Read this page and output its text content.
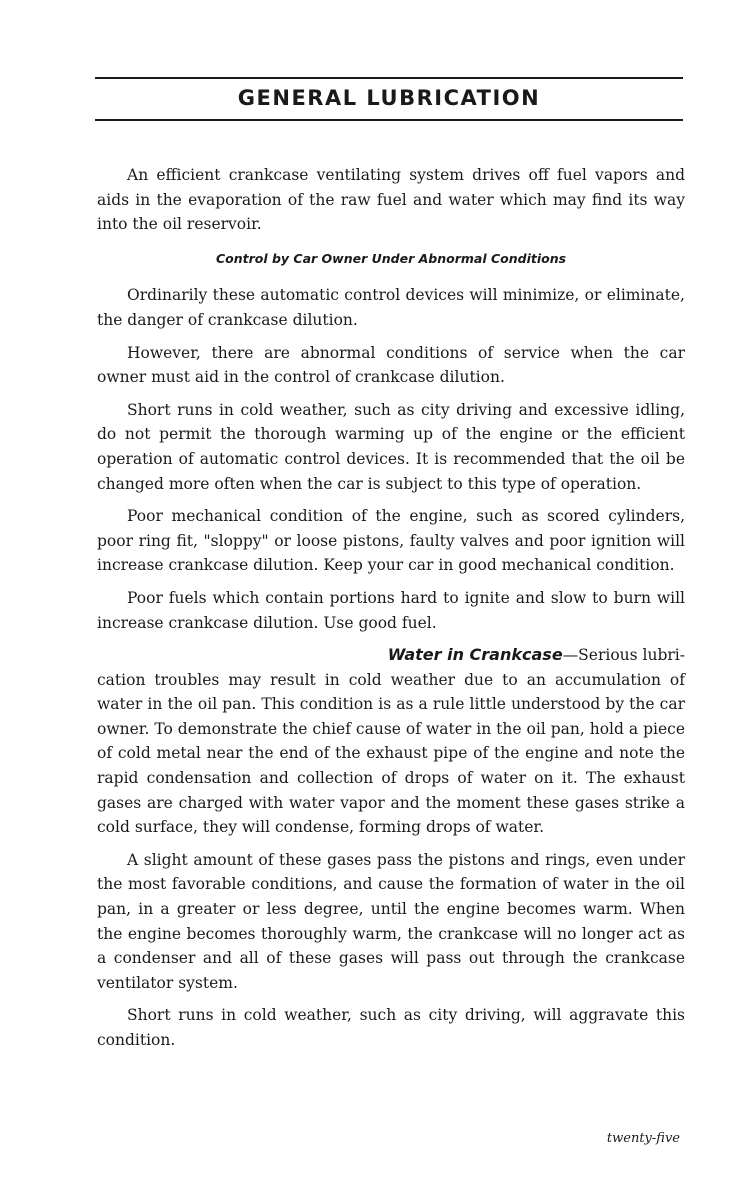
GENERAL LUBRICATION

An efficient crankcase ventilating system drives off fuel vapors and aids in the evaporation of the raw fuel and water which may find its way into the oil reservoir.

Control by Car Owner Under Abnormal Conditions

Ordinarily these automatic control devices will minimize, or eliminate, the danger of crankcase dilution.

However, there are abnormal conditions of service when the car owner must aid in the control of crankcase dilution.

Short runs in cold weather, such as city driving and excessive idling, do not permit the thorough warming up of the engine or the efficient operation of automatic control devices. It is recommended that the oil be changed more often when the car is subject to this type of operation.

Poor mechanical condition of the engine, such as scored cylinders, poor ring fit, "sloppy" or loose pistons, faulty valves and poor ignition will increase crankcase dilution. Keep your car in good mechanical condition.

Poor fuels which contain portions hard to ignite and slow to burn will increase crankcase dilution. Use good fuel.

Water in Crankcase—Serious lubri-

cation troubles may result in cold weather due to an accumulation of water in the oil pan. This condition is as a rule little understood by the car owner. To demonstrate the chief cause of water in the oil pan, hold a piece of cold metal near the end of the exhaust pipe of the engine and note the rapid condensation and collection of drops of water on it. The exhaust gases are charged with water vapor and the moment these gases strike a cold surface, they will condense, forming drops of water.

A slight amount of these gases pass the pistons and rings, even under the most favorable conditions, and cause the formation of water in the oil pan, in a greater or less degree, until the engine becomes warm. When the engine becomes thoroughly warm, the crankcase will no longer act as a condenser and all of these gases will pass out through the crankcase ventilator system.

Short runs in cold weather, such as city driving, will aggravate this condition.

twenty-five
